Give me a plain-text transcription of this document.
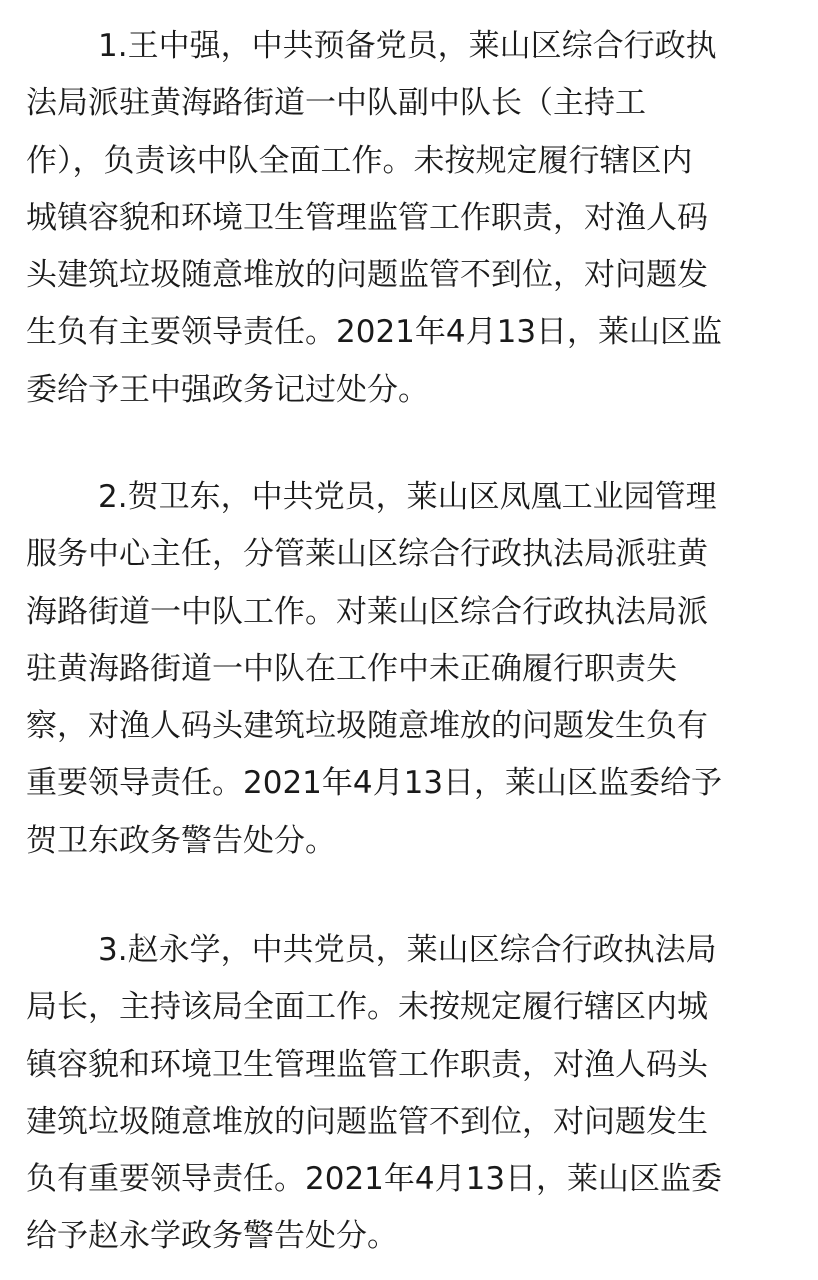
1.王中强，中共预备党员，莱山区综合行政执
法局派驻黄海路街道一中队副中队长（主持工
作），负责该中队全面工作。未按规定履行辖区内
城镇容貌和环境卫生管理监管工作职责，对渔人码
头建筑垃圾随意堆放的问题监管不到位，对问题发
生负有主要领导责任。2021年4月13日，莱山区监
委给予王中强政务记过处分。
2.贺卫东，中共党员，莱山区凤凰工业园管理
服务中心主任，分管莱山区综合行政执法局派驻黄
海路街道一中队工作。对莱山区综合行政执法局派
驻黄海路街道一中队在工作中未正确履行职责失
察，对渔人码头建筑垃圾随意堆放的问题发生负有
重要领导责任。2021年4月13日，莱山区监委给予
贺卫东政务警告处分。
3.赵永学，中共党员，莱山区综合行政执法局
局长，主持该局全面工作。未按规定履行辖区内城
镇容貌和环境卫生管理监管工作职责，对渔人码头
建筑垃圾随意堆放的问题监管不到位，对问题发生
负有重要领导责任。2021年4月13日，莱山区监委
给予赵永学政务警告处分。
